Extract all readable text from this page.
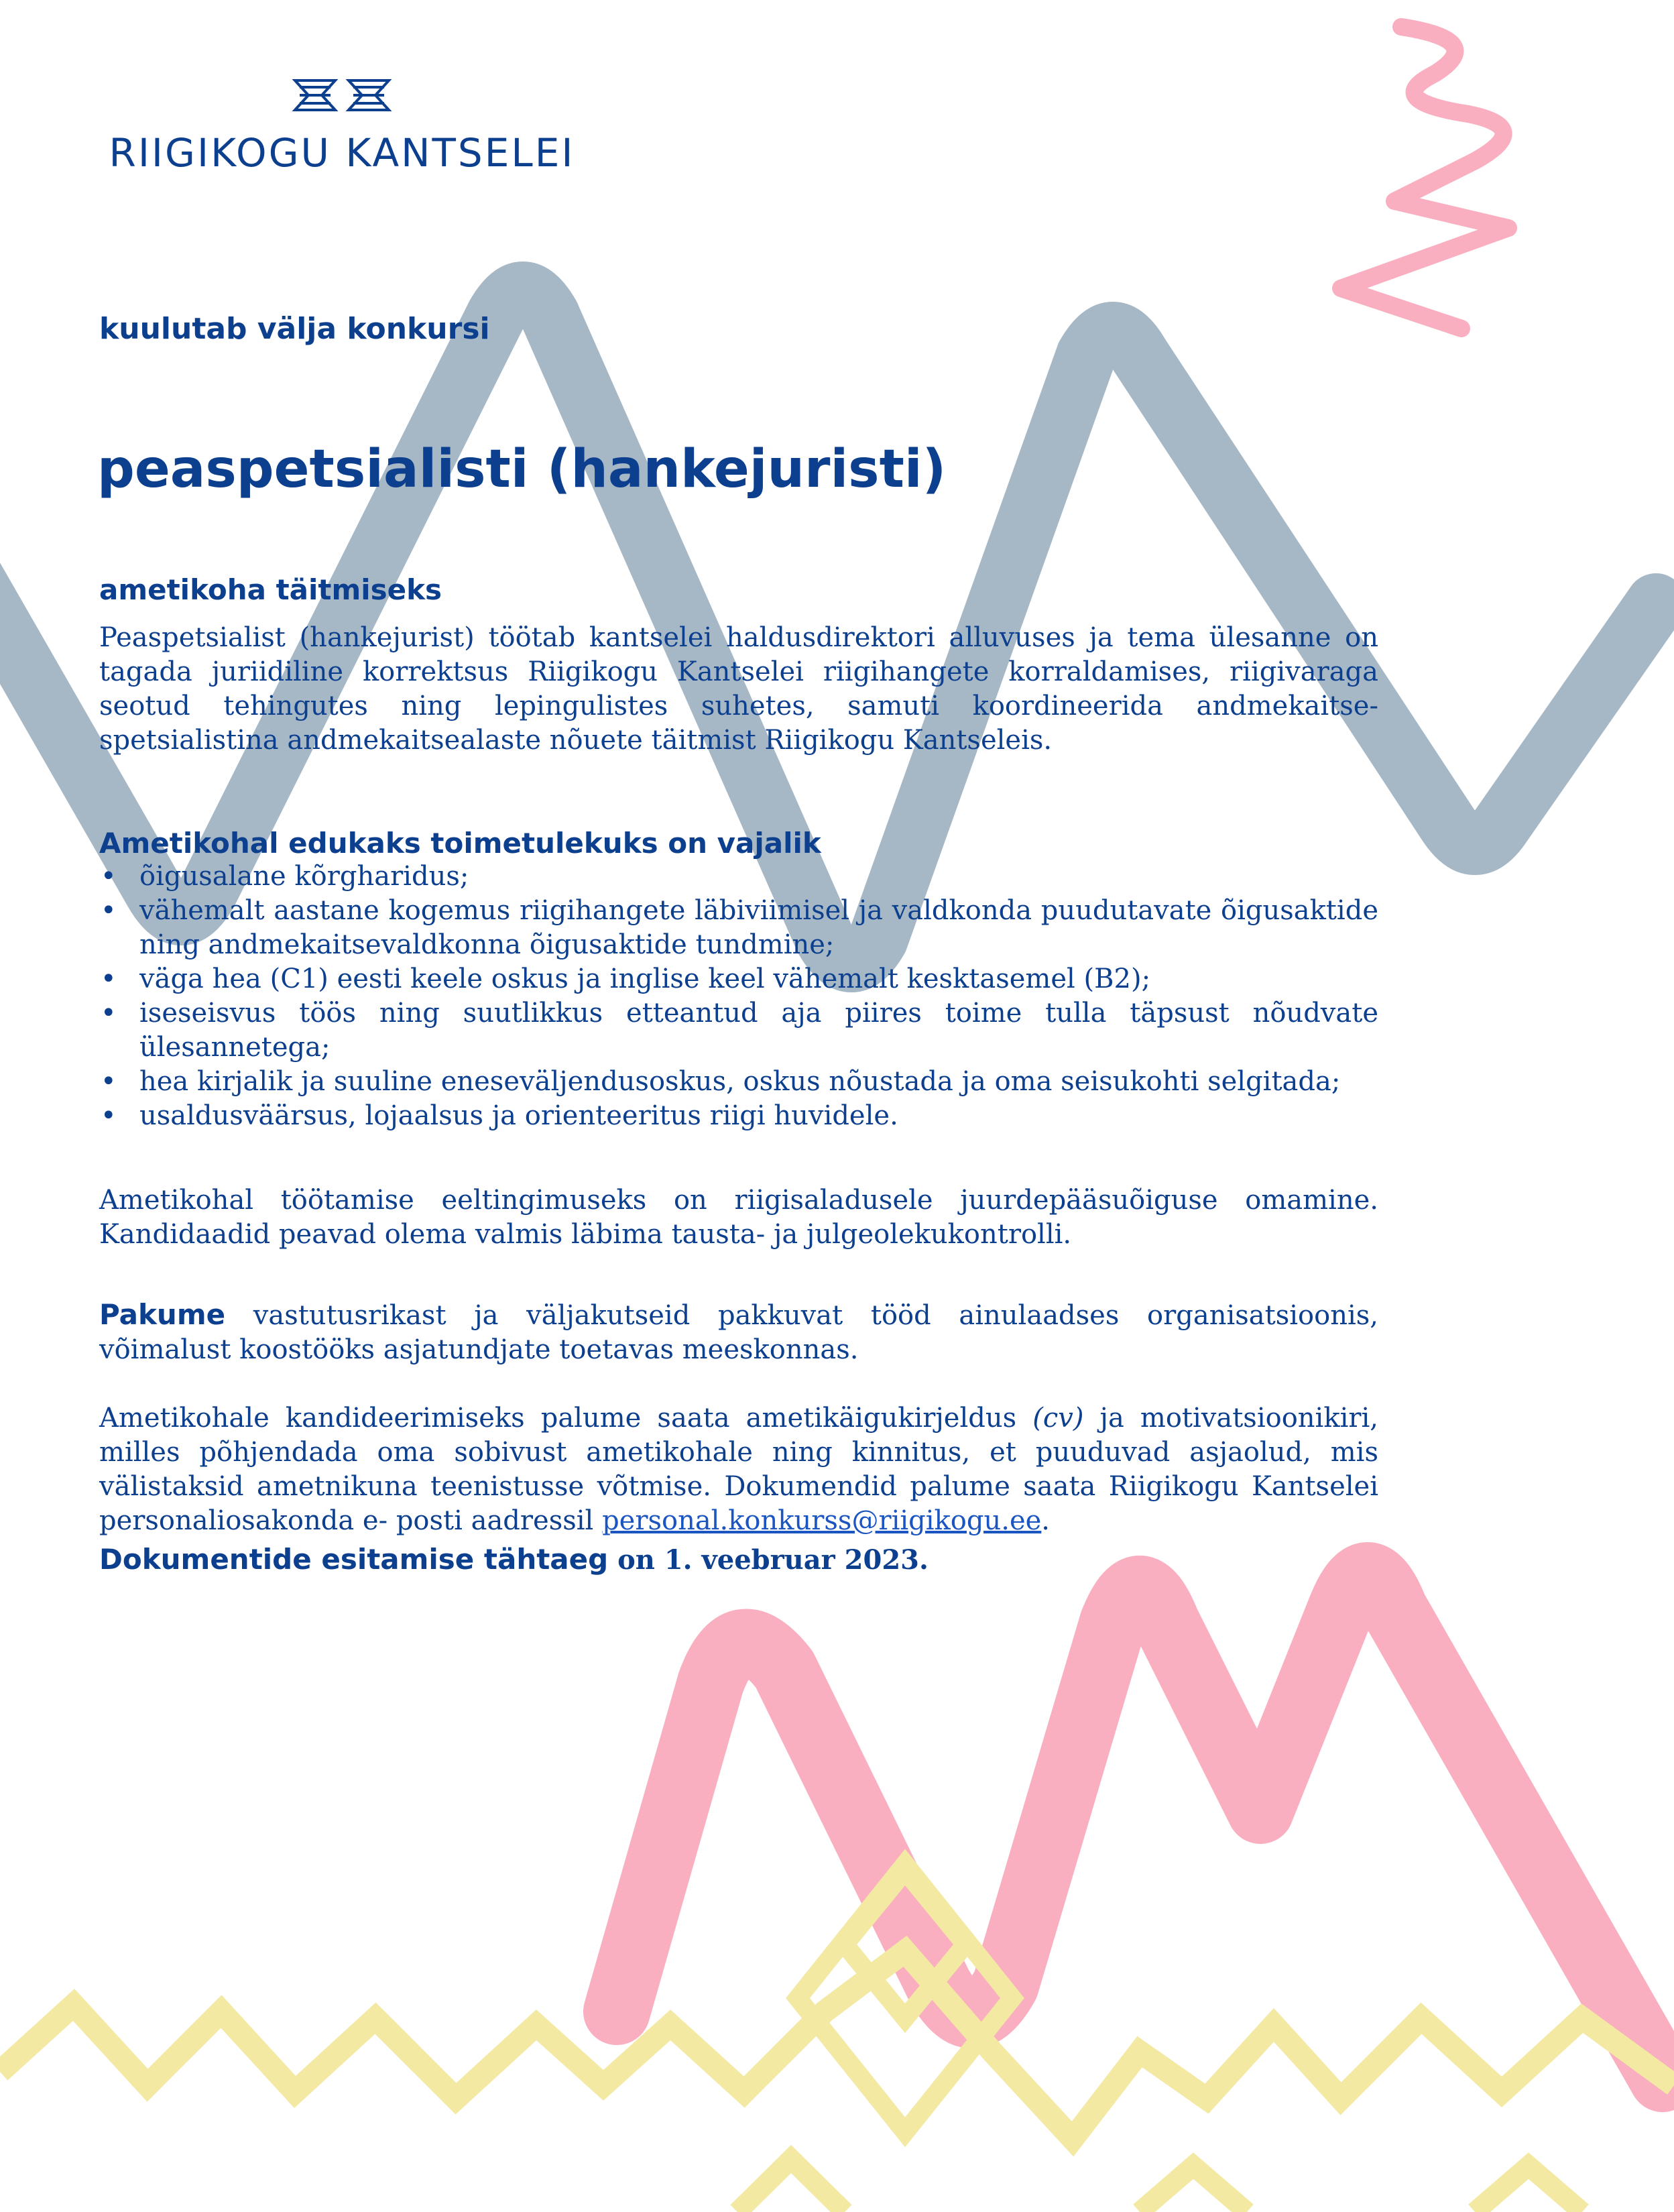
RIIGIKOGU KANTSELEI
kuulutab välja konkursi
peaspetsialisti (hankejuristi)
ametikoha täitmiseks

Peaspetsialist (hankejurist) töötab kantselei haldusdirektori alluvuses ja tema ülesanne on tagada juriidiline korrektsus Riigikogu Kantselei riigihangete korraldamises, riigivaraga seotud tehingutes ning lepingulistes suhetes, samuti koordineerida andmekaitse-spetsialistina andmekaitsealaste nõuete täitmist Riigikogu Kantseleis.

Ametikohal edukaks toimetulekuks on vajalik
• õigusalane kõrgharidus;
• vähemalt aastane kogemus riigihangete läbiviimisel ja valdkonda puudutavate õigusaktide ning andmekaitsevaldkonna õigusaktide tundmine;
• väga hea (C1) eesti keele oskus ja inglise keel vähemalt kesktasemel (B2);
• iseseisvus töös ning suutlikkus etteantud aja piires toime tulla täpsust nõudvate ülesannetega;
• hea kirjalik ja suuline eneseväljendusoskus, oskus nõustada ja oma seisukohti selgitada;
• usaldusväärsus, lojaalsus ja orienteeritus riigi huvidele.

Ametikohal töötamise eeltingimuseks on riigisaladusele juurdepääsuõiguse omamine. Kandidaadid peavad olema valmis läbima tausta- ja julgeolekukontrolli.

Pakume vastutusrikast ja väljakutseid pakkuvat tööd ainulaadses organisatsioonis, võimalust koostööks asjatundjate toetavas meeskonnas.

Ametikohale kandideerimiseks palume saata ametikäigukirjeldus (cv) ja motivatsioonikiri, milles põhjendada oma sobivust ametikohale ning kinnitus, et puuduvad asjaolud, mis välistaksid ametnikuna teenistusse võtmise. Dokumendid palume saata Riigikogu Kantselei personaliosakonda e- posti aadressil personal.konkurss@riigikogu.ee.

Dokumentide esitamise tähtaeg on 1. veebruar 2023.
